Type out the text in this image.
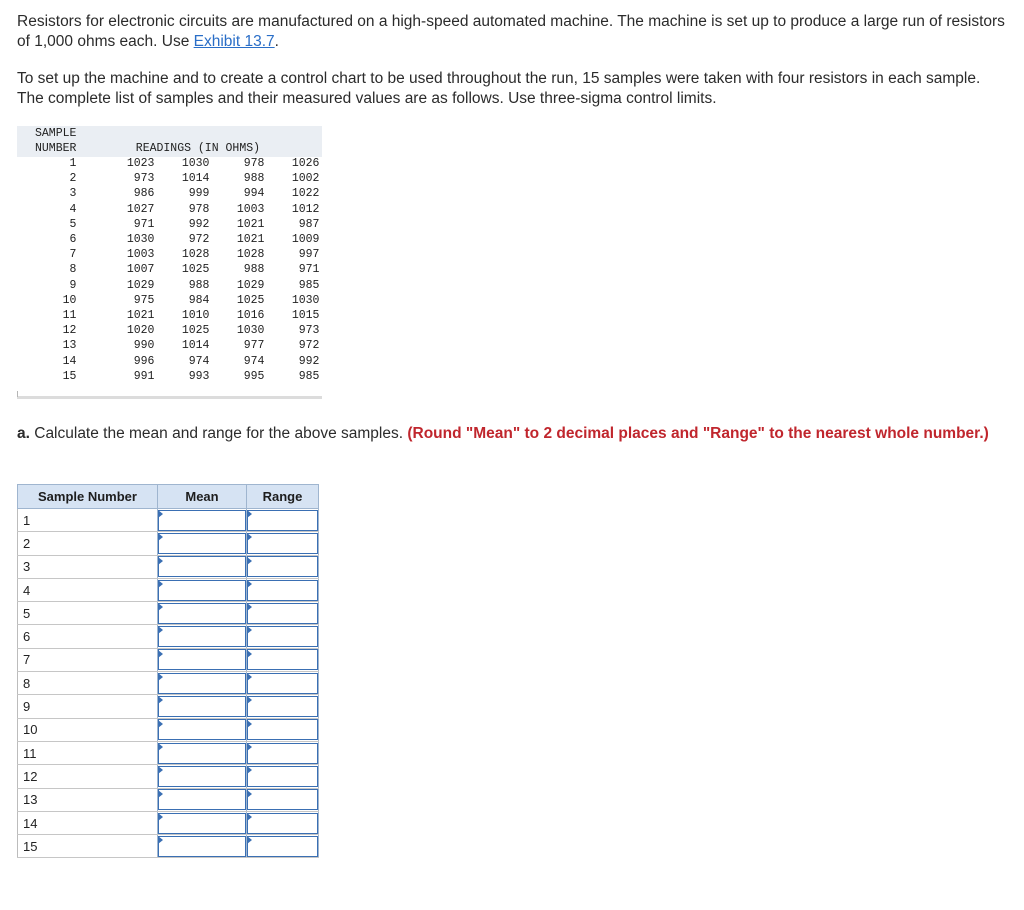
Resistors for electronic circuits are manufactured on a high-speed automated machine. The machine is set up to produce a large run of resistors of 1,000 ohms each. Use Exhibit 13.7.

To set up the machine and to create a control chart to be used throughout the run, 15 samples were taken with four resistors in each sample. The complete list of samples and their measured values are as follows. Use three-sigma control limits.

SAMPLE				
NUMBER	READINGS (IN OHMS)			
1	1023	1030	978	1026
2	973	1014	988	1002
3	986	999	994	1022
4	1027	978	1003	1012
5	971	992	1021	987
6	1030	972	1021	1009
7	1003	1028	1028	997
8	1007	1025	988	971
9	1029	988	1029	985
10	975	984	1025	1030
11	1021	1010	1016	1015
12	1020	1025	1030	973
13	990	1014	977	972
14	996	974	974	992
15	991	993	995	985

a. Calculate the mean and range for the above samples. (Round "Mean" to 2 decimal places and "Range" to the nearest whole number.)

Sample Number	Mean	Range
1	

2	

3	

4	

5	

6	

7	

8	

9	

10	

11	

12	

13	

14	

15	
